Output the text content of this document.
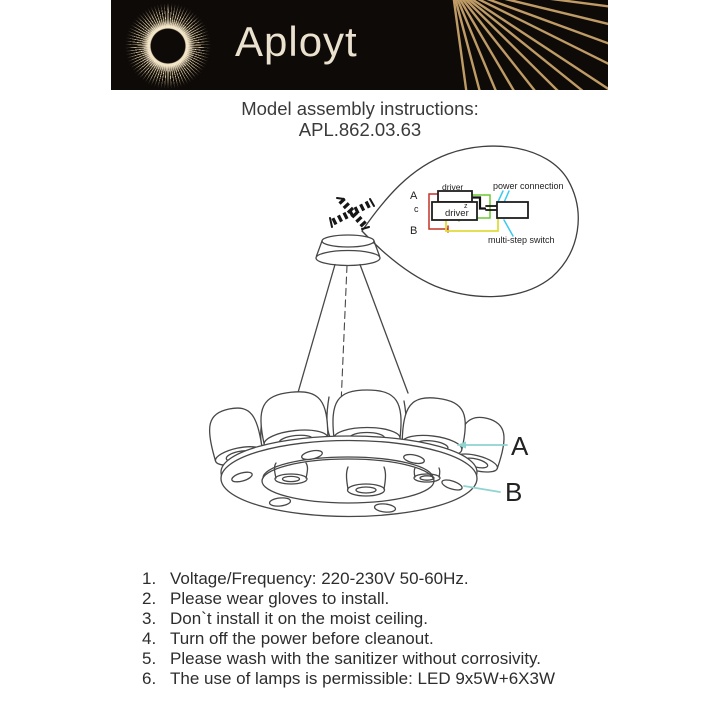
Aployt
Model assembly instructions:
APL.862.03.63
A
c
B
driver
driver
z
power connection
multi-step switch
A
B
1. Voltage/Frequency: 220-230V 50-60Hz.
2. Please wear gloves to install.
3. Don`t install it on the moist ceiling.
4. Turn off the power before cleanout.
5. Please wash with the sanitizer without corrosivity.
6. The use of lamps is permissible: LED 9x5W+6X3W
